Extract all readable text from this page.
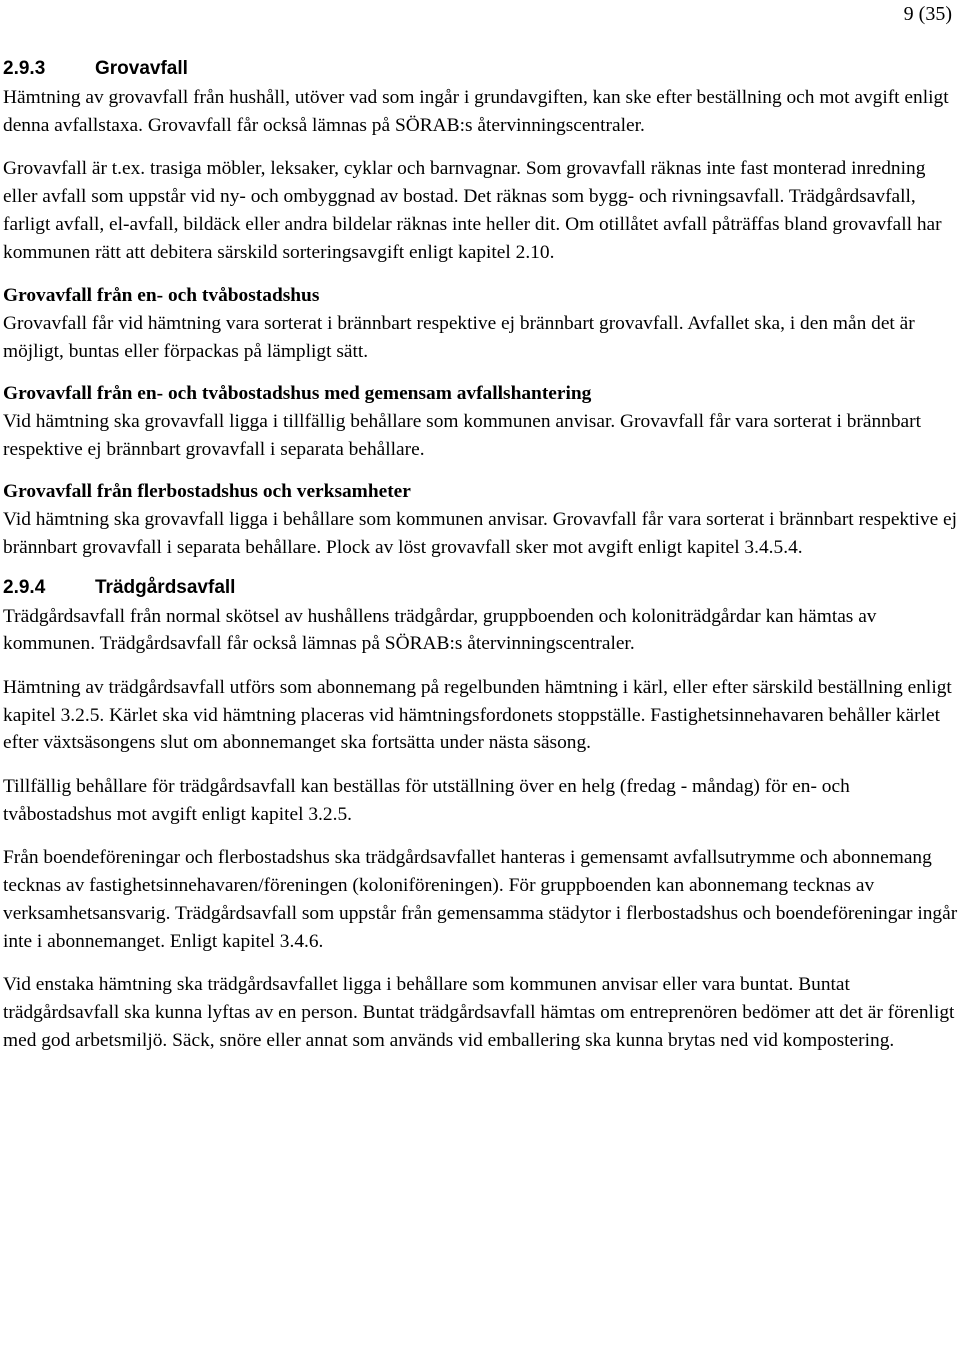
9 (35)
2.9.3	Grovavfall

Hämtning av grovavfall från hushåll, utöver vad som ingår i grundavgiften, kan ske efter beställning och mot avgift enligt denna avfallstaxa. Grovavfall får också lämnas på SÖRAB:s återvinningscentraler.

Grovavfall är t.ex. trasiga möbler, leksaker, cyklar och barnvagnar. Som grovavfall räknas inte fast monterad inredning eller avfall som uppstår vid ny- och ombyggnad av bostad. Det räknas som bygg- och rivningsavfall. Trädgårdsavfall, farligt avfall, el-avfall, bildäck eller andra bildelar räknas inte heller dit. Om otillåtet avfall påträffas bland grovavfall har kommunen rätt att debitera särskild sorteringsavgift enligt kapitel 2.10.

Grovavfall från en- och tvåbostadshus

Grovavfall får vid hämtning vara sorterat i brännbart respektive ej brännbart grovavfall. Avfallet ska, i den mån det är möjligt, buntas eller förpackas på lämpligt sätt.

Grovavfall från en- och tvåbostadshus med gemensam avfallshantering

Vid hämtning ska grovavfall ligga i tillfällig behållare som kommunen anvisar. Grovavfall får vara sorterat i brännbart respektive ej brännbart grovavfall i separata behållare.

Grovavfall från flerbostadshus och verksamheter

Vid hämtning ska grovavfall ligga i behållare som kommunen anvisar. Grovavfall får vara sorterat i brännbart respektive ej brännbart grovavfall i separata behållare. Plock av löst grovavfall sker mot avgift enligt kapitel 3.4.5.4.

2.9.4	Trädgårdsavfall

Trädgårdsavfall från normal skötsel av hushållens trädgårdar, gruppboenden och koloniträdgårdar kan hämtas av kommunen. Trädgårdsavfall får också lämnas på SÖRAB:s återvinningscentraler.

Hämtning av trädgårdsavfall utförs som abonnemang på regelbunden hämtning i kärl, eller efter särskild beställning enligt kapitel 3.2.5. Kärlet ska vid hämtning placeras vid hämtningsfordonets stoppställe. Fastighetsinnehavaren behåller kärlet efter växtsäsongens slut om abonnemanget ska fortsätta under nästa säsong.

Tillfällig behållare för trädgårdsavfall kan beställas för utställning över en helg (fredag - måndag) för en- och tvåbostadshus mot avgift enligt kapitel 3.2.5.

Från boendeföreningar och flerbostadshus ska trädgårdsavfallet hanteras i gemensamt avfallsutrymme och abonnemang tecknas av fastighetsinnehavaren/föreningen (koloniföreningen). För gruppboenden kan abonnemang tecknas av verksamhetsansvarig. Trädgårdsavfall som uppstår från gemensamma städytor i flerbostadshus och boendeföreningar ingår inte i abonnemanget. Enligt kapitel 3.4.6.

Vid enstaka hämtning ska trädgårdsavfallet ligga i behållare som kommunen anvisar eller vara buntat. Buntat trädgårdsavfall ska kunna lyftas av en person. Buntat trädgårdsavfall hämtas om entreprenören bedömer att det är förenligt med god arbetsmiljö. Säck, snöre eller annat som används vid emballering ska kunna brytas ned vid kompostering.
